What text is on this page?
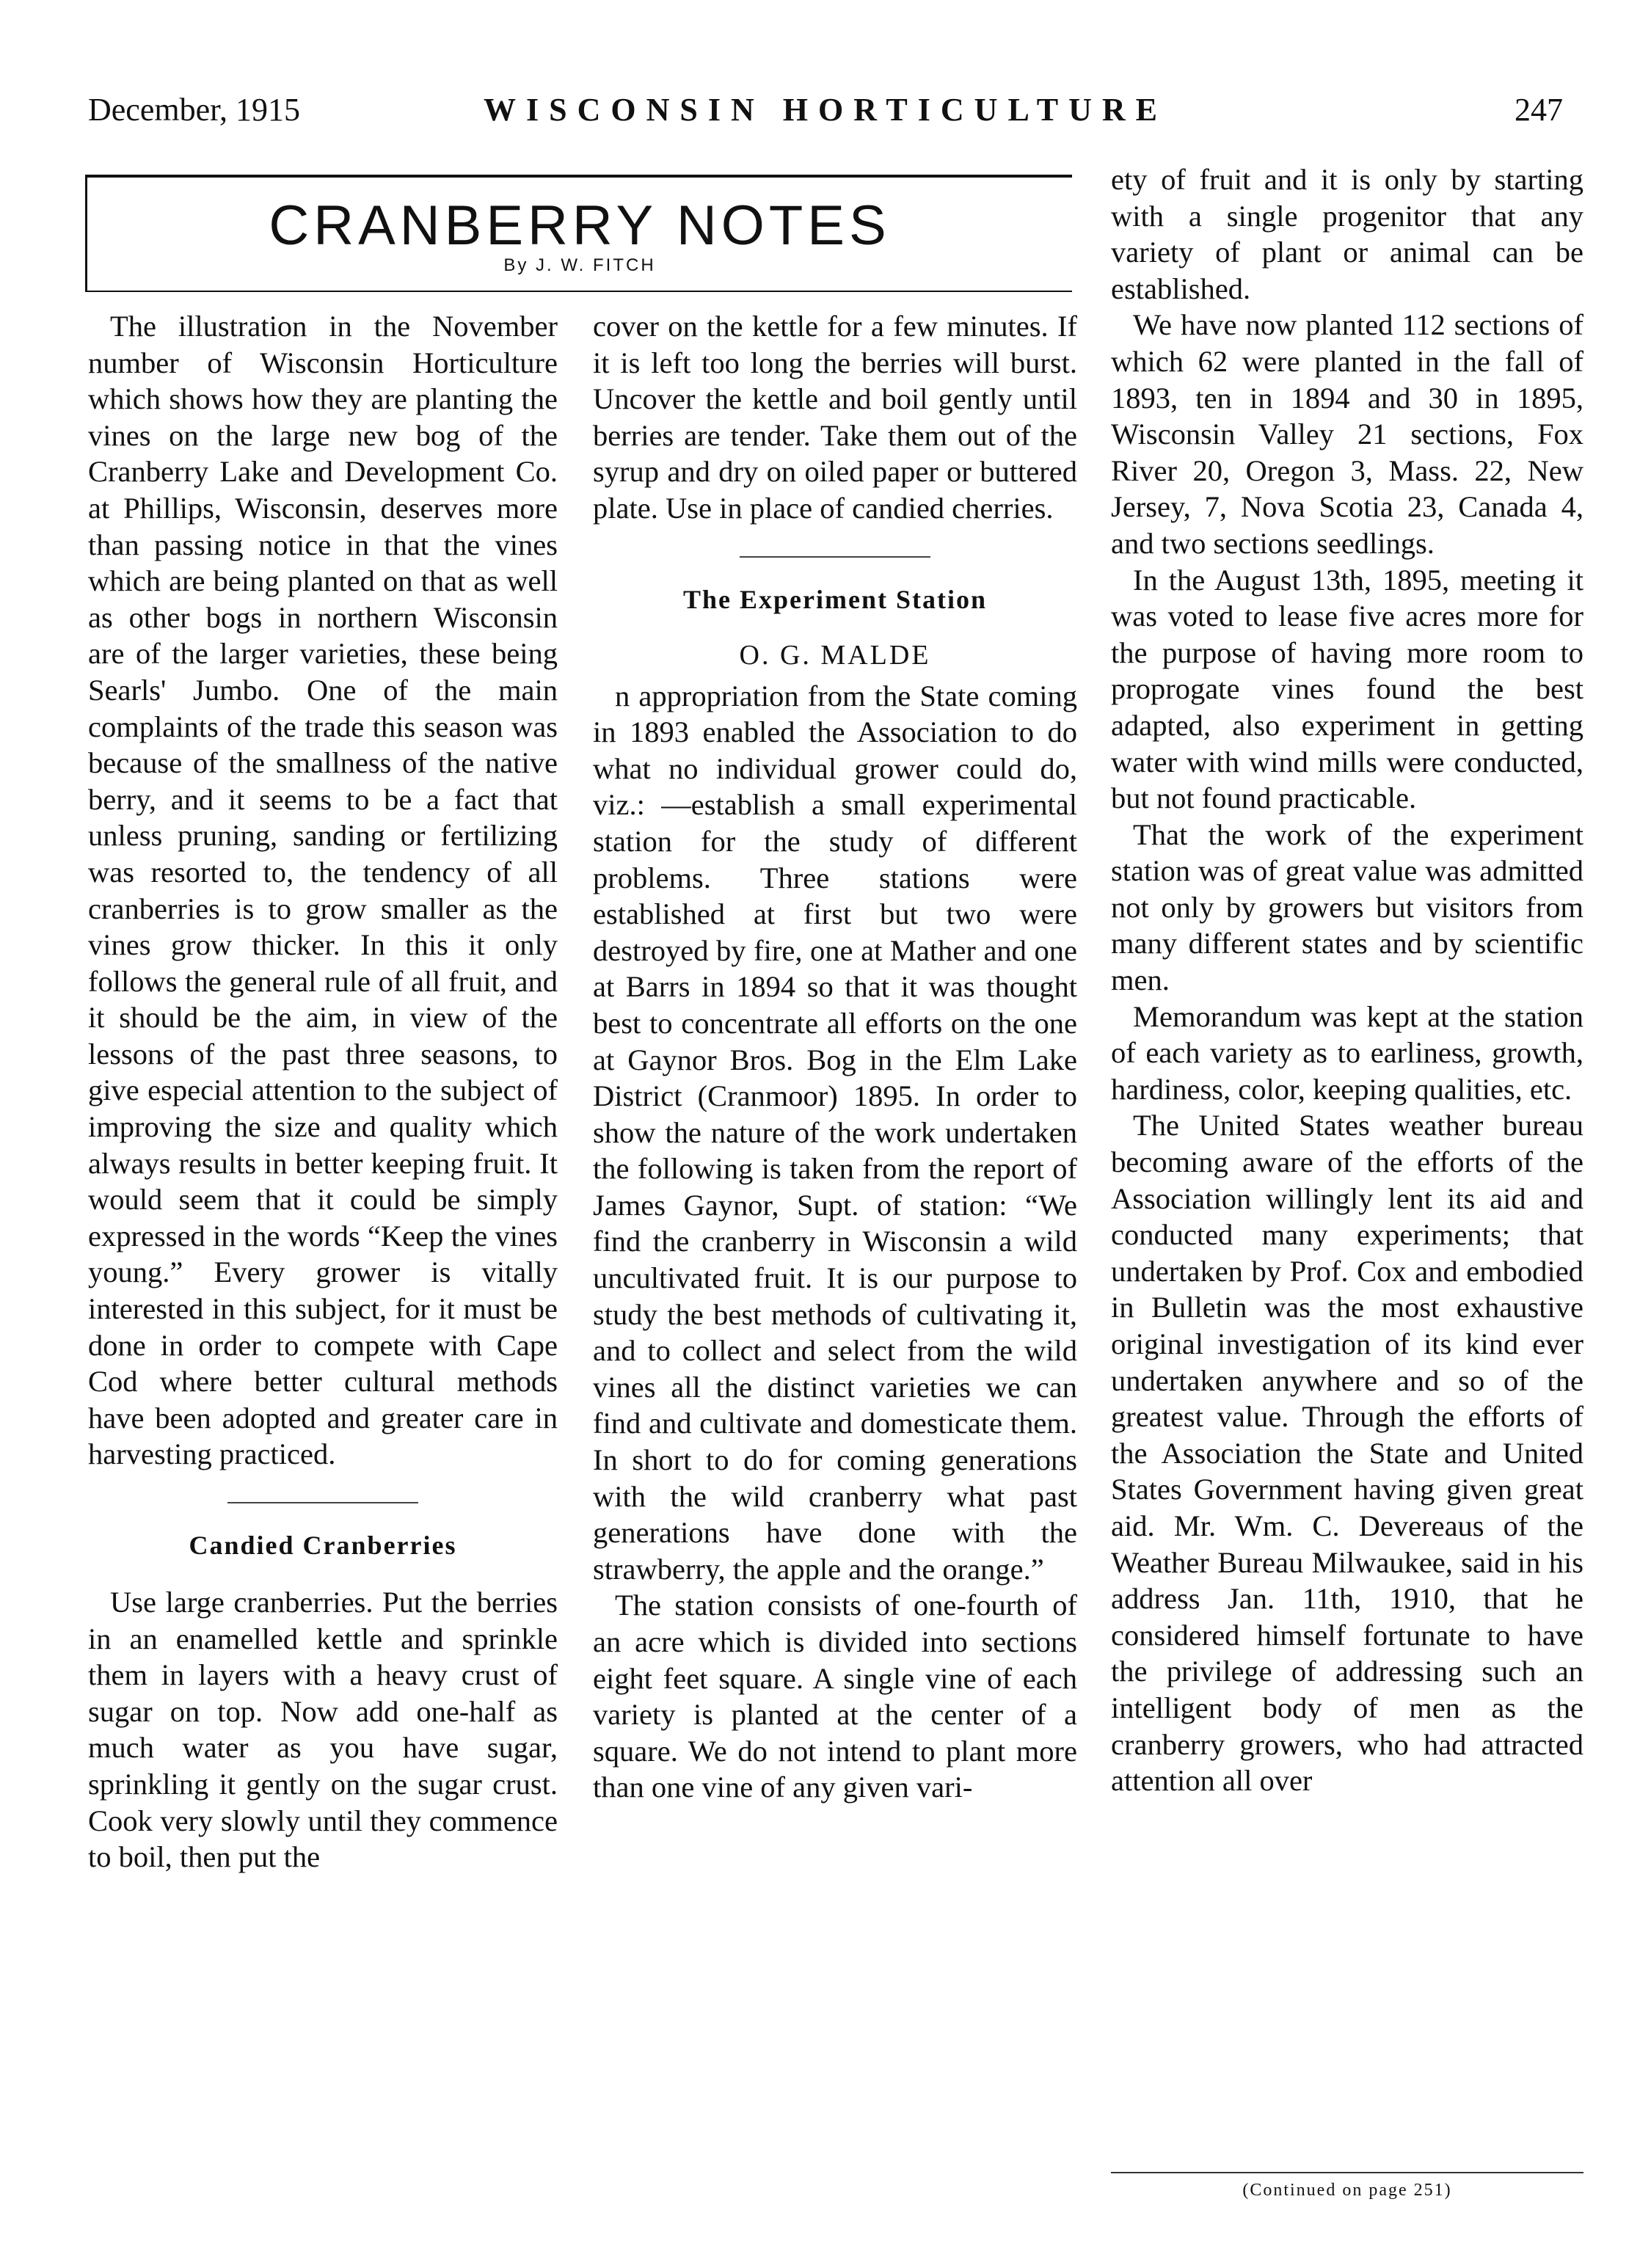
December, 1915	WISCONSIN HORTICULTURE	247
CRANBERRY NOTES
By J. W. FITCH

The illustration in the November number of Wisconsin Horticulture which shows how they are planting the vines on the large new bog of the Cranberry Lake and Development Co. at Phillips, Wisconsin, deserves more than passing notice in that the vines which are being planted on that as well as other bogs in northern Wisconsin are of the larger varieties, these being Searls' Jumbo. One of the main complaints of the trade this season was because of the smallness of the native berry, and it seems to be a fact that unless pruning, sanding or fertilizing was resorted to, the tendency of all cranberries is to grow smaller as the vines grow thicker. In this it only follows the general rule of all fruit, and it should be the aim, in view of the lessons of the past three seasons, to give especial attention to the subject of improving the size and quality which always results in better keeping fruit. It would seem that it could be simply expressed in the words “Keep the vines young.” Every grower is vitally interested in this subject, for it must be done in order to compete with Cape Cod where better cultural methods have been adopted and greater care in harvesting practiced.

Candied Cranberries

Use large cranberries. Put the berries in an enamelled kettle and sprinkle them in layers with a heavy crust of sugar on top. Now add one-half as much water as you have sugar, sprinkling it gently on the sugar crust. Cook very slowly until they commence to boil, then put the

cover on the kettle for a few minutes. If it is left too long the berries will burst. Uncover the kettle and boil gently until berries are tender. Take them out of the syrup and dry on oiled paper or buttered plate. Use in place of candied cherries.

The Experiment Station
O. G. MALDE

n appropriation from the State coming in 1893 enabled the Association to do what no individual grower could do, viz.: —establish a small experimental station for the study of different problems. Three stations were established at first but two were destroyed by fire, one at Mather and one at Barrs in 1894 so that it was thought best to concentrate all efforts on the one at Gaynor Bros. Bog in the Elm Lake District (Cranmoor) 1895. In order to show the nature of the work undertaken the following is taken from the report of James Gaynor, Supt. of station: “We find the cranberry in Wisconsin a wild uncultivated fruit. It is our purpose to study the best methods of cultivating it, and to collect and select from the wild vines all the distinct varieties we can find and cultivate and domesticate them. In short to do for coming generations with the wild cranberry what past generations have done with the strawberry, the apple and the orange.”

The station consists of one-fourth of an acre which is divided into sections eight feet square. A single vine of each variety is planted at the center of a square. We do not intend to plant more than one vine of any given vari-

ety of fruit and it is only by starting with a single progenitor that any variety of plant or animal can be established.

We have now planted 112 sections of which 62 were planted in the fall of 1893, ten in 1894 and 30 in 1895, Wisconsin Valley 21 sections, Fox River 20, Oregon 3, Mass. 22, New Jersey, 7, Nova Scotia 23, Canada 4, and two sections seedlings.

In the August 13th, 1895, meeting it was voted to lease five acres more for the purpose of having more room to proprogate vines found the best adapted, also experiment in getting water with wind mills were conducted, but not found practicable.

That the work of the experiment station was of great value was admitted not only by growers but visitors from many different states and by scientific men.

Memorandum was kept at the station of each variety as to earliness, growth, hardiness, color, keeping qualities, etc.

The United States weather bureau becoming aware of the efforts of the Association willingly lent its aid and conducted many experiments; that undertaken by Prof. Cox and embodied in Bulletin was the most exhaustive original investigation of its kind ever undertaken anywhere and so of the greatest value. Through the efforts of the Association the State and United States Government having given great aid. Mr. Wm. C. Devereaus of the Weather Bureau Milwaukee, said in his address Jan. 11th, 1910, that he considered himself fortunate to have the privilege of addressing such an intelligent body of men as the cranberry growers, who had attracted attention all over

(Continued on page 251)
